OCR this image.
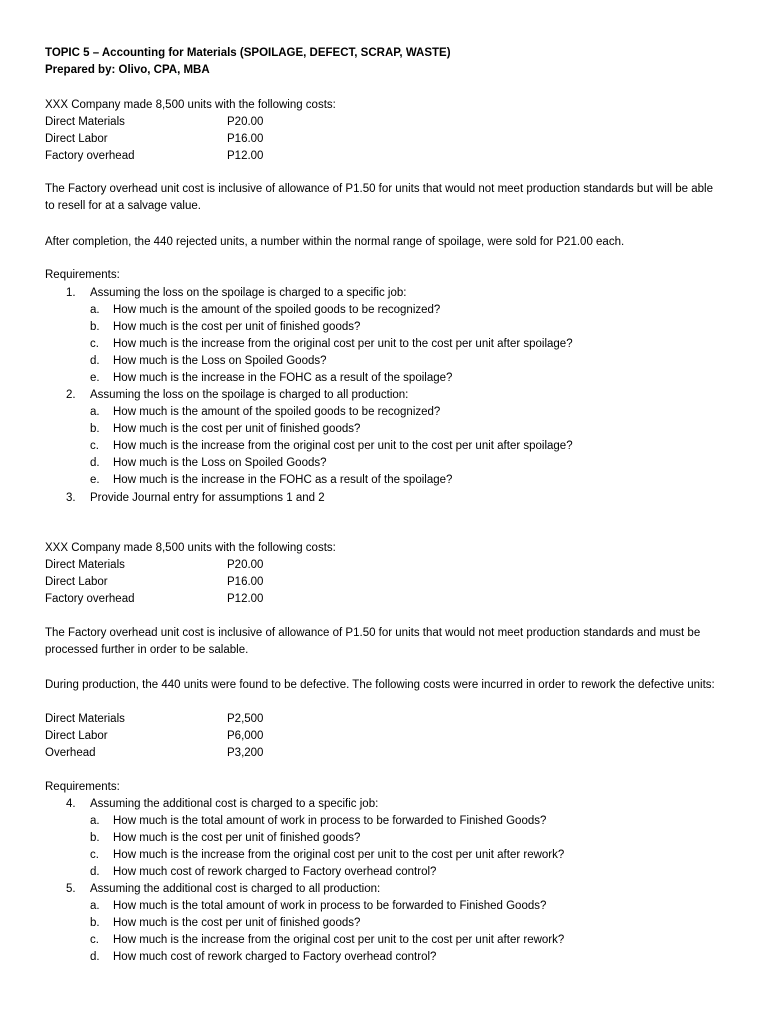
TOPIC 5 – Accounting for Materials (SPOILAGE, DEFECT, SCRAP, WASTE)
Prepared by: Olivo, CPA, MBA
XXX Company made 8,500 units with the following costs:
Direct Materials	P20.00
Direct Labor	P16.00
Factory overhead	P12.00
The Factory overhead unit cost is inclusive of allowance of P1.50 for units that would not meet production standards but will be able to resell for at a salvage value.
After completion, the 440 rejected units, a number within the normal range of spoilage, were sold for P21.00 each.
Requirements:
1. Assuming the loss on the spoilage is charged to a specific job:
a. How much is the amount of the spoiled goods to be recognized?
b. How much is the cost per unit of finished goods?
c. How much is the increase from the original cost per unit to the cost per unit after spoilage?
d. How much is the Loss on Spoiled Goods?
e. How much is the increase in the FOHC as a result of the spoilage?
2. Assuming the loss on the spoilage is charged to all production:
a. How much is the amount of the spoiled goods to be recognized?
b. How much is the cost per unit of finished goods?
c. How much is the increase from the original cost per unit to the cost per unit after spoilage?
d. How much is the Loss on Spoiled Goods?
e. How much is the increase in the FOHC as a result of the spoilage?
3. Provide Journal entry for assumptions 1 and 2
XXX Company made 8,500 units with the following costs:
Direct Materials	P20.00
Direct Labor	P16.00
Factory overhead	P12.00
The Factory overhead unit cost is inclusive of allowance of P1.50 for units that would not meet production standards and must be processed further in order to be salable.
During production, the 440 units were found to be defective. The following costs were incurred in order to rework the defective units:
Direct Materials	P2,500
Direct Labor	P6,000
Overhead	P3,200
Requirements:
4. Assuming the additional cost is charged to a specific job:
a. How much is the total amount of work in process to be forwarded to Finished Goods?
b. How much is the cost per unit of finished goods?
c. How much is the increase from the original cost per unit to the cost per unit after rework?
d. How much cost of rework charged to Factory overhead control?
5. Assuming the additional cost is charged to all production:
a. How much is the total amount of work in process to be forwarded to Finished Goods?
b. How much is the cost per unit of finished goods?
c. How much is the increase from the original cost per unit to the cost per unit after rework?
d. How much cost of rework charged to Factory overhead control?
